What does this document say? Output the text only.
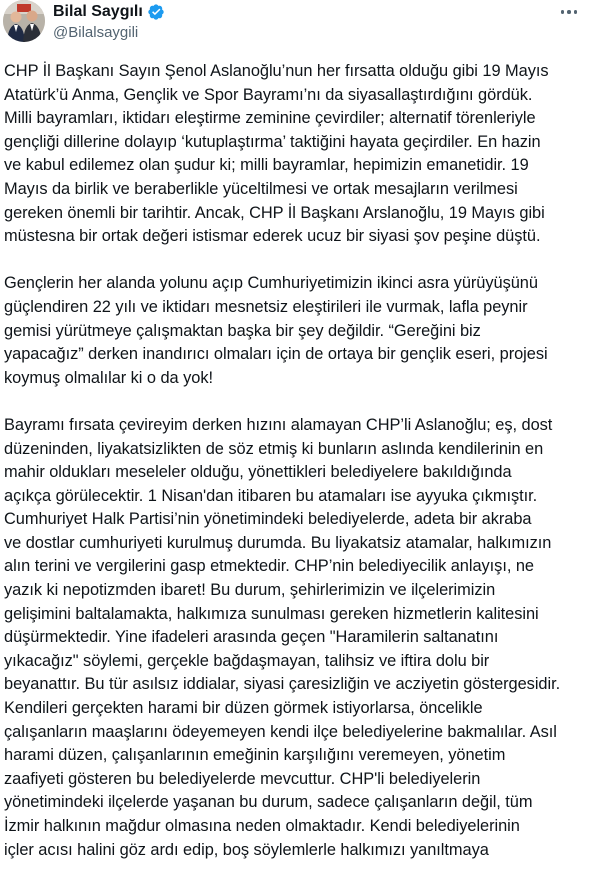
Bilal Saygılı
@Bilalsaygili
CHP İl Başkanı Sayın Şenol Aslanoğlu’nun her fırsatta olduğu gibi 19 Mayıs
Atatürk’ü Anma, Gençlik ve Spor Bayramı’nı da siyasallaştırdığını gördük.
Milli bayramları, iktidarı eleştirme zeminine çevirdiler; alternatif törenleriyle
gençliği dillerine dolayıp ‘kutuplaştırma’ taktiğini hayata geçirdiler. En hazin
ve kabul edilemez olan şudur ki; milli bayramlar, hepimizin emanetidir. 19
Mayıs da birlik ve beraberlikle yüceltilmesi ve ortak mesajların verilmesi
gereken önemli bir tarihtir. Ancak, CHP İl Başkanı Arslanoğlu, 19 Mayıs gibi
müstesna bir ortak değeri istismar ederek ucuz bir siyasi şov peşine düştü.
Gençlerin her alanda yolunu açıp Cumhuriyetimizin ikinci asra yürüyüşünü
güçlendiren 22 yılı ve iktidarı mesnetsiz eleştirileri ile vurmak, lafla peynir
gemisi yürütmeye çalışmaktan başka bir şey değildir. “Gereğini biz
yapacağız” derken inandırıcı olmaları için de ortaya bir gençlik eseri, projesi
koymuş olmalılar ki o da yok!
Bayramı fırsata çevireyim derken hızını alamayan CHP’li Aslanoğlu; eş, dost
düzeninden, liyakatsizlikten de söz etmiş ki bunların aslında kendilerinin en
mahir oldukları meseleler olduğu, yönettikleri belediyelere bakıldığında
açıkça görülecektir. 1 Nisan'dan itibaren bu atamaları ise ayyuka çıkmıştır.
Cumhuriyet Halk Partisi’nin yönetimindeki belediyelerde, adeta bir akraba
ve dostlar cumhuriyeti kurulmuş durumda. Bu liyakatsiz atamalar, halkımızın
alın terini ve vergilerini gasp etmektedir. CHP’nin belediyecilik anlayışı, ne
yazık ki nepotizmden ibaret! Bu durum, şehirlerimizin ve ilçelerimizin
gelişimini baltalamakta, halkımıza sunulması gereken hizmetlerin kalitesini
düşürmektedir. Yine ifadeleri arasında geçen "Haramilerin saltanatını
yıkacağız" söylemi, gerçekle bağdaşmayan, talihsiz ve iftira dolu bir
beyanattır. Bu tür asılsız iddialar, siyasi çaresizliğin ve acziyetin göstergesidir.
Kendileri gerçekten harami bir düzen görmek istiyorlarsa, öncelikle
çalışanların maaşlarını ödeyemeyen kendi ilçe belediyelerine bakmalılar. Asıl
harami düzen, çalışanlarının emeğinin karşılığını veremeyen, yönetim
zaafiyeti gösteren bu belediyelerde mevcuttur. CHP'li belediyelerin
yönetimindeki ilçelerde yaşanan bu durum, sadece çalışanların değil, tüm
İzmir halkının mağdur olmasına neden olmaktadır. Kendi belediyelerinin
içler acısı halini göz ardı edip, boş söylemlerle halkımızı yanıltmaya
